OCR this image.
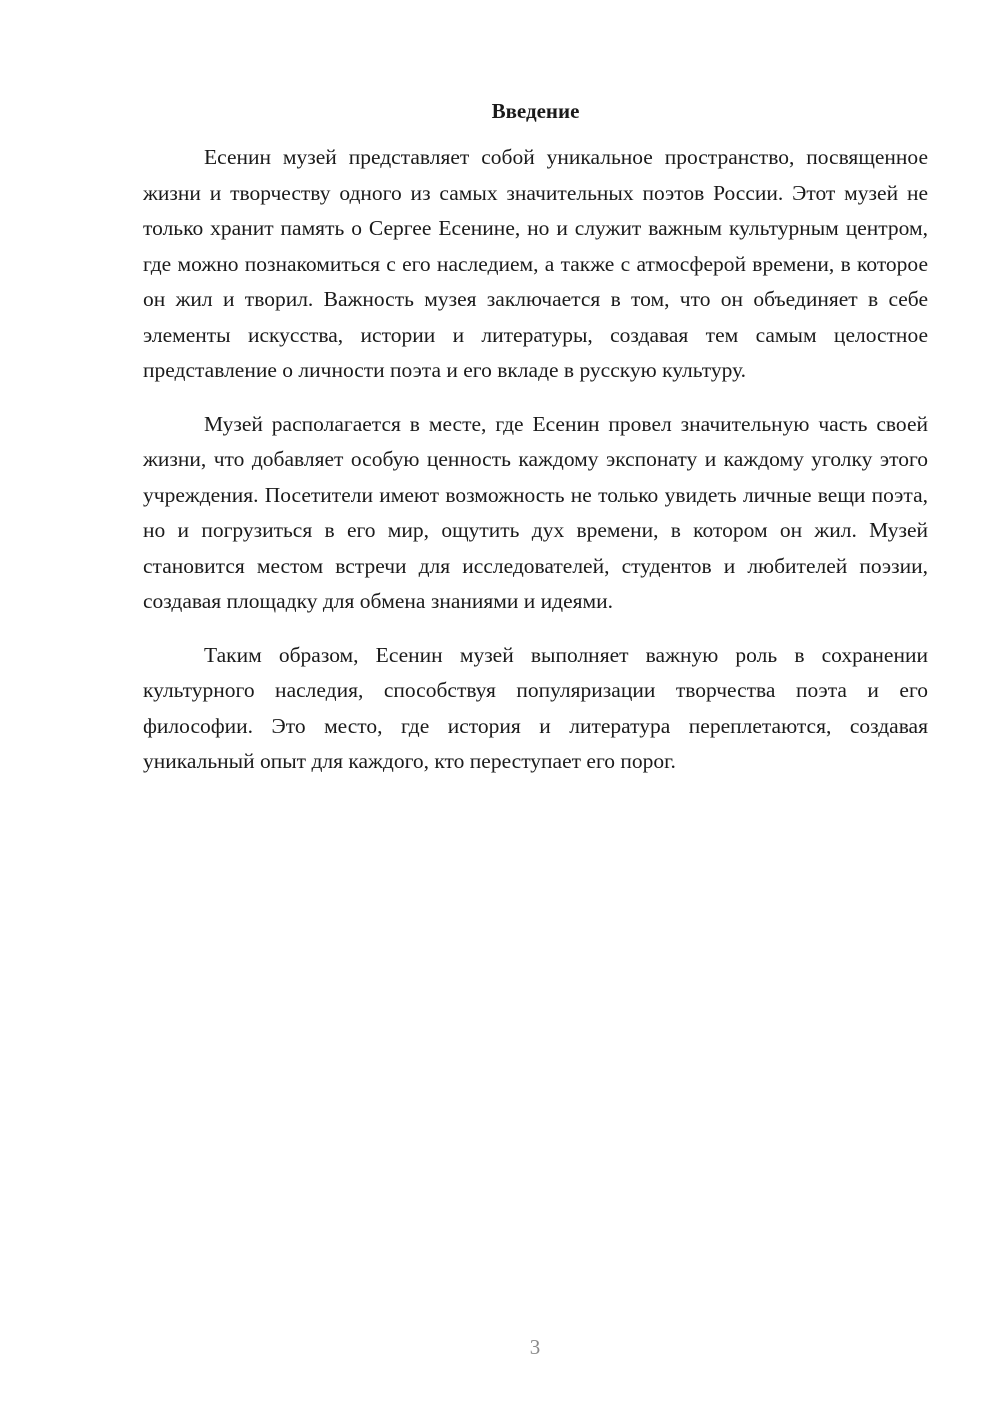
Введение

Есенин музей представляет собой уникальное пространство, посвященное жизни и творчеству одного из самых значительных поэтов России. Этот музей не только хранит память о Сергее Есенине, но и служит важным культурным центром, где можно познакомиться с его наследием, а также с атмосферой времени, в которое он жил и творил. Важность музея заключается в том, что он объединяет в себе элементы искусства, истории и литературы, создавая тем самым целостное представление о личности поэта и его вкладе в русскую культуру.

Музей располагается в месте, где Есенин провел значительную часть своей жизни, что добавляет особую ценность каждому экспонату и каждому уголку этого учреждения. Посетители имеют возможность не только увидеть личные вещи поэта, но и погрузиться в его мир, ощутить дух времени, в котором он жил. Музей становится местом встречи для исследователей, студентов и любителей поэзии, создавая площадку для обмена знаниями и идеями.

Таким образом, Есенин музей выполняет важную роль в сохранении культурного наследия, способствуя популяризации творчества поэта и его философии. Это место, где история и литература переплетаются, создавая уникальный опыт для каждого, кто переступает его порог.

3
